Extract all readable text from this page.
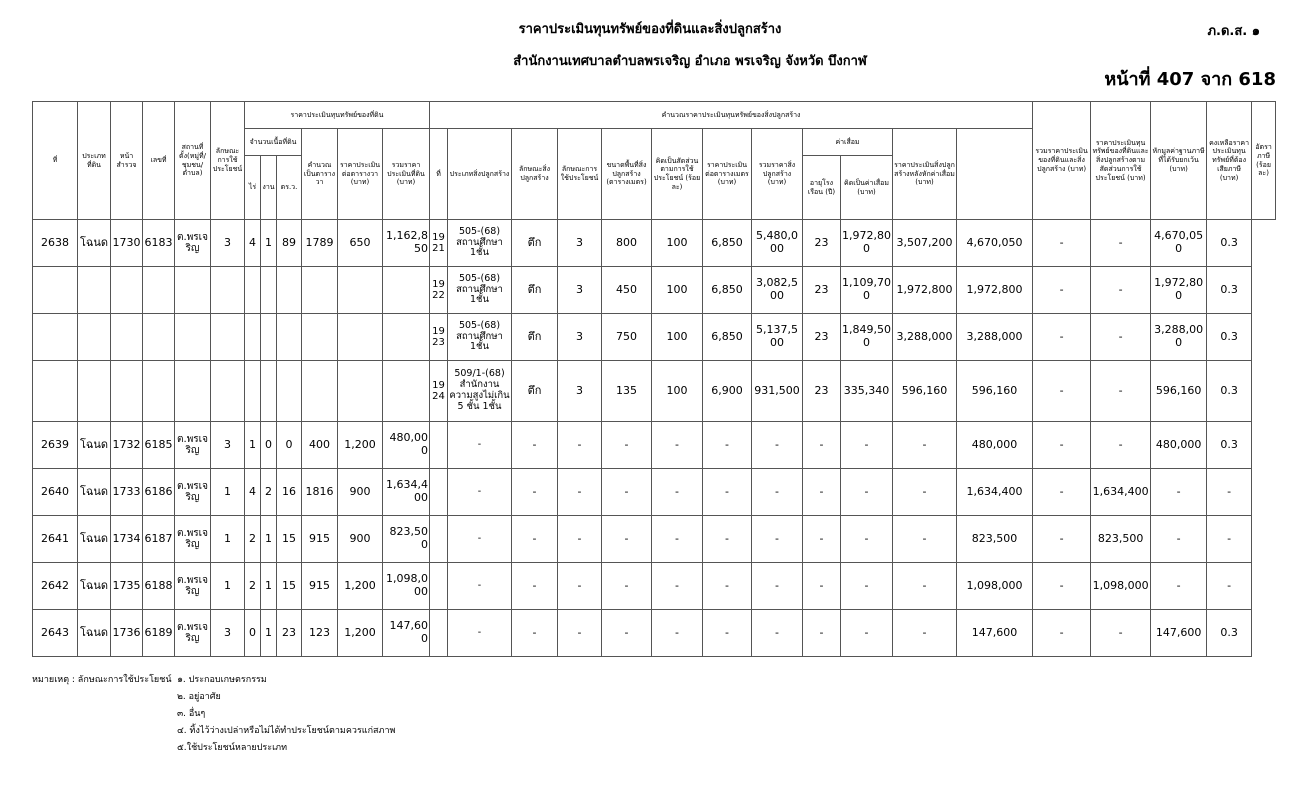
ราคาประเมินทุนทรัพย์ของที่ดินและสิ่งปลูกสร้าง
สำนักงานเทศบาลตำบลพรเจริญ อำเภอ พรเจริญ จังหวัด บึงกาฬ
ภ.ด.ส. ๑
หน้าที่ 407 จาก 618
ที่	ประเภทที่ดิน	หน้าสำรวจ	เลขที่	สถานที่ตั้ง(หมู่ที่/ชุมชน/ตำบล)	ลักษณะการใช้ประโยชน์	ราคาประเมินทุนทรัพย์ของที่ดิน						คำนวณราคาประเมินทุนทรัพย์ของสิ่งปลูกสร้าง												รวมราคาประเมินของที่ดินและสิ่งปลูกสร้าง (บาท)	ราคาประเมินทุนทรัพย์ของที่ดินและสิ่งปลูกสร้างตามสัดส่วนการใช้ประโยชน์ (บาท)	หักมูลค่าฐานภาษีที่ได้รับยกเว้น (บาท)	คงเหลือราคาประเมินทุนทรัพย์ที่ต้องเสียภาษี (บาท)	อัตราภาษี (ร้อยละ)
						จำนวนเนื้อที่ดิน			คำนวณเป็นตารางวา	ราคาประเมินต่อตารางวา (บาท)	รวมราคาประเมินที่ดิน (บาท)	ที่	ประเภทสิ่งปลูกสร้าง	ลักษณะสิ่งปลูกสร้าง	ลักษณะการใช้ประโยชน์	ขนาดพื้นที่สิ่งปลูกสร้าง (ตารางเมตร)	คิดเป็นสัดส่วนตามการใช้ประโยชน์ (ร้อยละ)	ราคาประเมินต่อตารางเมตร (บาท)	รวมราคาสิ่งปลูกสร้าง (บาท)	ค่าเสื่อม		ราคาประเมินสิ่งปลูกสร้างหลังหักค่าเสื่อม (บาท)						
						ไร่	งาน	ตร.ว.												อายุโรงเรือน (ปี)	คิดเป็นค่าเสื่อม (บาท)							
2638	โฉนด	1730	6183	ต.พรเจริญ	3	4	1	89	1789	650	1,162,850	1921	505-(68) สถานศึกษา 1ชั้น	ตึก	3	800	100	6,850	5,480,000	23	1,972,800	3,507,200	4,670,050	-	-	4,670,050	0.3	
												1922	505-(68) สถานศึกษา 1ชั้น	ตึก	3	450	100	6,850	3,082,500	23	1,109,700	1,972,800	1,972,800	-	-	1,972,800	0.3	
												1923	505-(68) สถานศึกษา 1ชั้น	ตึก	3	750	100	6,850	5,137,500	23	1,849,500	3,288,000	3,288,000	-	-	3,288,000	0.3	
												1924	509/1-(68) สำนักงานความสูงไม่เกิน 5 ชั้น 1ชั้น	ตึก	3	135	100	6,900	931,500	23	335,340	596,160	596,160	-	-	596,160	0.3	
2639	โฉนด	1732	6185	ต.พรเจริญ	3	1	0	0	400	1,200	480,000		-	-	-	-	-	-	-	-	-	-	480,000	-	-	480,000	0.3	
2640	โฉนด	1733	6186	ต.พรเจริญ	1	4	2	16	1816	900	1,634,400		-	-	-	-	-	-	-	-	-	-	1,634,400	-	1,634,400	-	-	
2641	โฉนด	1734	6187	ต.พรเจริญ	1	2	1	15	915	900	823,500		-	-	-	-	-	-	-	-	-	-	823,500	-	823,500	-	-	
2642	โฉนด	1735	6188	ต.พรเจริญ	1	2	1	15	915	1,200	1,098,000		-	-	-	-	-	-	-	-	-	-	1,098,000	-	1,098,000	-	-	
2643	โฉนด	1736	6189	ต.พรเจริญ	3	0	1	23	123	1,200	147,600		-	-	-	-	-	-	-	-	-	-	147,600	-	-	147,600	0.3	
หมายเหตุ : ลักษณะการใช้ประโยชน์ ๑. ประกอบเกษตรกรรม
๒. อยู่อาศัย
๓. อื่นๆ
๔. ทิ้งไว้ว่างเปล่าหรือไม่ได้ทำประโยชน์ตามควรแก่สภาพ
๕.ใช้ประโยชน์หลายประเภท
